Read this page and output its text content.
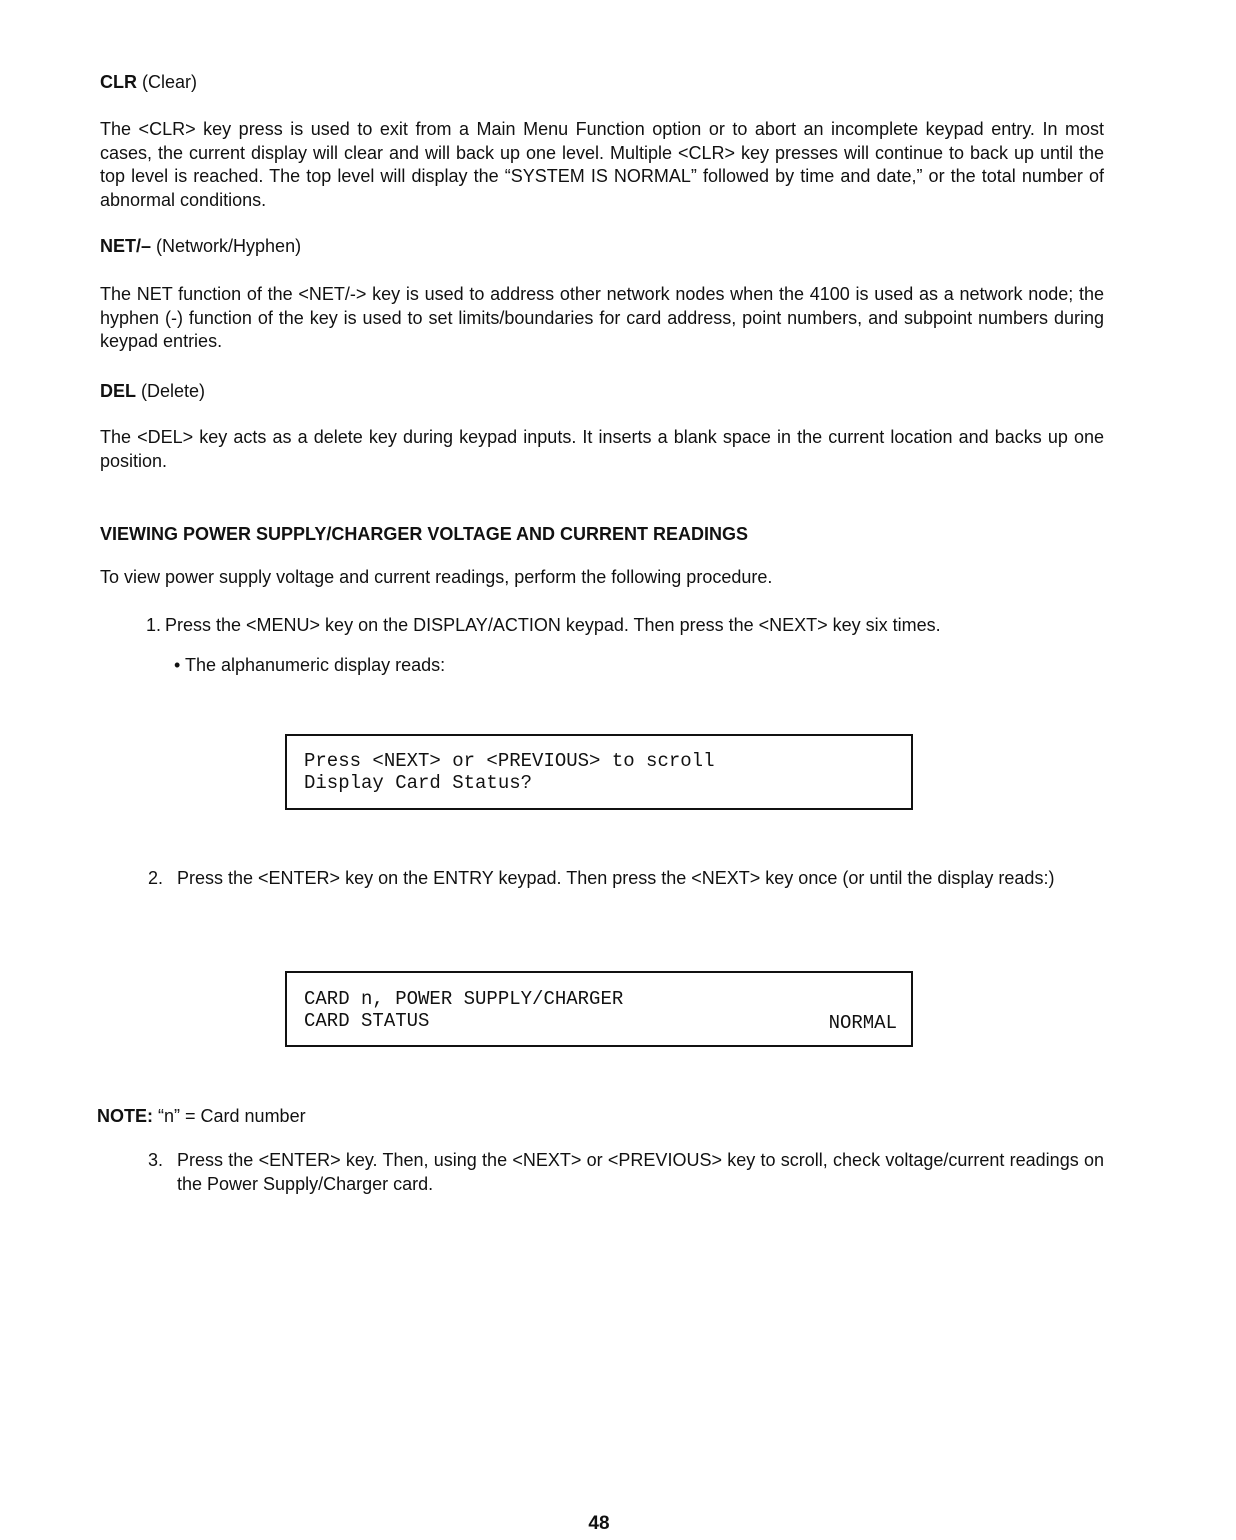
CLR (Clear)
The <CLR> key press is used to exit from a Main Menu Function option or to abort an incomplete keypad entry. In most cases, the current display will clear and will back up one level. Multiple <CLR> key presses will continue to back up until the top level is reached. The top level will display the “SYSTEM IS NORMAL” followed by time and date,” or the total number of abnormal conditions.
NET/– (Network/Hyphen)
The NET function of the <NET/-> key is used to address other network nodes when the 4100 is used as a network node; the hyphen (-) function of the key is used to set limits/boundaries for card address, point numbers, and subpoint numbers during keypad entries.
DEL (Delete)
The <DEL> key acts as a delete key during keypad inputs. It inserts a blank space in the current location and backs up one position.
VIEWING POWER SUPPLY/CHARGER VOLTAGE AND CURRENT READINGS
To view power supply voltage and current readings, perform the following procedure.
1. Press the <MENU> key on the DISPLAY/ACTION keypad. Then press the <NEXT> key six times.
• The alphanumeric display reads:
Press <NEXT> or <PREVIOUS> to scroll
Display Card Status?
2. Press the <ENTER> key on the ENTRY keypad. Then press the <NEXT> key once (or until the display reads:)
CARD n, POWER SUPPLY/CHARGER
CARD STATUS	NORMAL
NOTE: “n” = Card number
3. Press the <ENTER> key. Then, using the <NEXT> or <PREVIOUS> key to scroll, check voltage/current readings on the Power Supply/Charger card.
48
